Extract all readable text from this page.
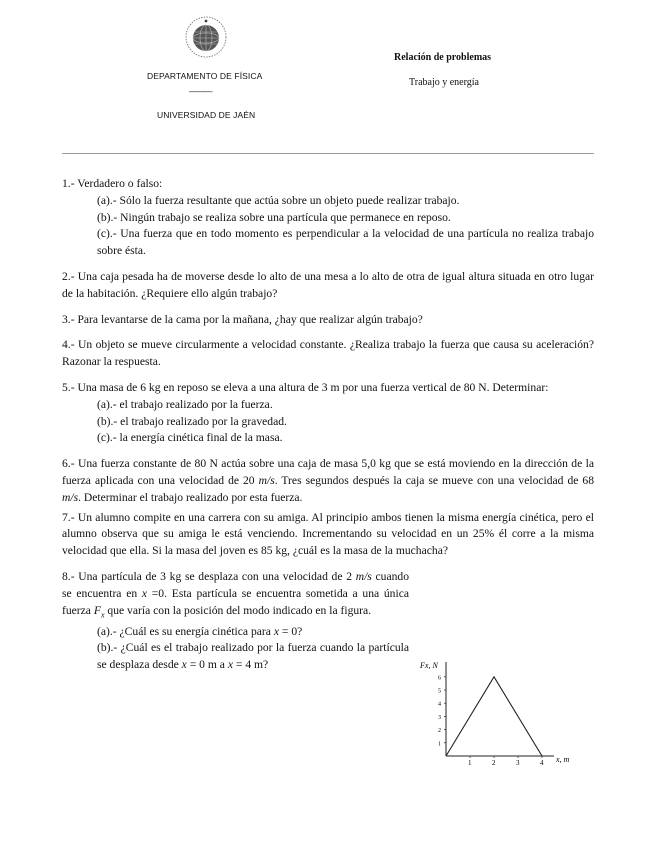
DEPARTAMENTO DE FÍSICA
———
UNIVERSIDAD DE JAÉN
Relación de problemas
Trabajo y energía

1.- Verdadero o falso:

(a).- Sólo la fuerza resultante que actúa sobre un objeto puede realizar trabajo.

(b).- Ningún trabajo se realiza sobre una partícula que permanece en reposo.

(c).- Una fuerza que en todo momento es perpendicular a la velocidad de una partícula no realiza trabajo sobre ésta.

2.- Una caja pesada ha de moverse desde lo alto de una mesa a lo alto de otra de igual altura situada en otro lugar de la habitación. ¿Requiere ello algún trabajo?

3.- Para levantarse de la cama por la mañana, ¿hay que realizar algún trabajo?

4.- Un objeto se mueve circularmente a velocidad constante. ¿Realiza trabajo la fuerza que causa su aceleración? Razonar la respuesta.

5.- Una masa de 6 kg en reposo se eleva a una altura de 3 m por una fuerza vertical de 80 N. Determinar:

(a).- el trabajo realizado por la fuerza.

(b).- el trabajo realizado por la gravedad.

(c).- la energía cinética final de la masa.

6.- Una fuerza constante de 80 N actúa sobre una caja de masa 5,0 kg que se está moviendo en la dirección de la fuerza aplicada con una velocidad de 20 m/s. Tres segundos después la caja se mueve con una velocidad de 68 m/s. Determinar el trabajo realizado por esta fuerza.

7.- Un alumno compite en una carrera con su amiga. Al principio ambos tienen la misma energía cinética, pero el alumno observa que su amiga le está venciendo. Incrementando su velocidad en un 25% él corre a la misma velocidad que ella. Si la masa del joven es 85 kg, ¿cuál es la masa de la muchacha?

8.- Una partícula de 3 kg se desplaza con una velocidad de 2 m/s cuando se encuentra en x =0. Esta partícula se encuentra sometida a una única fuerza $F_x$ que varía con la posición del modo indicado en la figura.

(a).- ¿Cuál es su energía cinética para x = 0?

(b).- ¿Cuál es el trabajo realizado por la fuerza cuando la partícula se desplaza desde x = 0 m a x = 4 m?	Fx, N
x, m
1
2
3
4
5
6
1	2	3	4
